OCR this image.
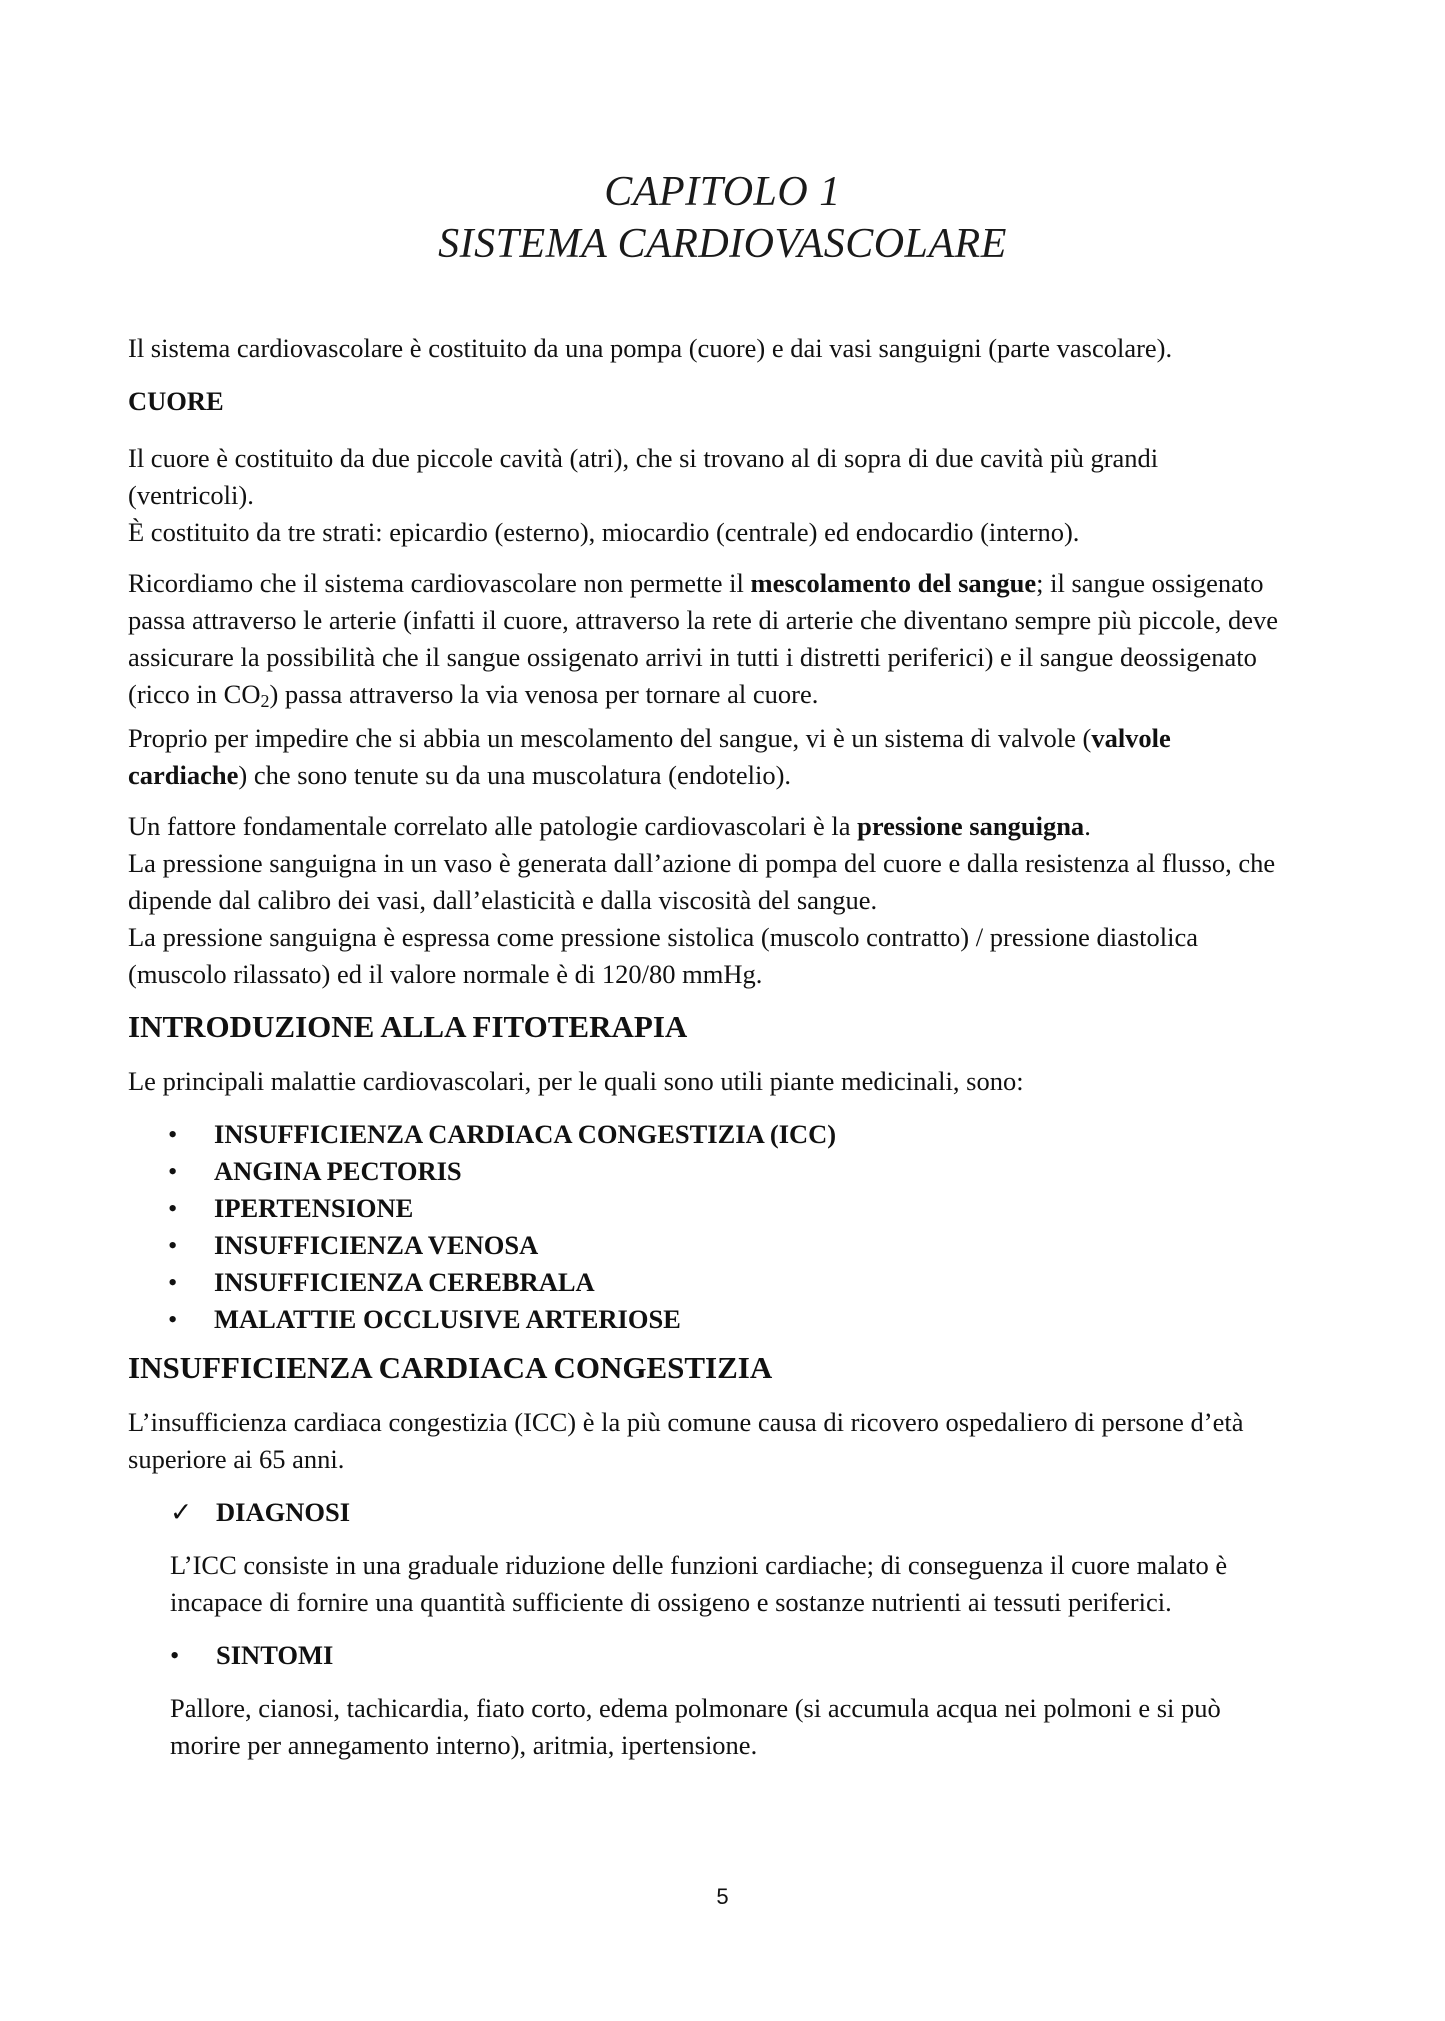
CAPITOLO 1
SISTEMA CARDIOVASCOLARE

Il sistema cardiovascolare è costituito da una pompa (cuore) e dai vasi sanguigni (parte vascolare).

CUORE

Il cuore è costituito da due piccole cavità (atri), che si trovano al di sopra di due cavità più grandi (ventricoli).
È costituito da tre strati: epicardio (esterno), miocardio (centrale) ed endocardio (interno).

Ricordiamo che il sistema cardiovascolare non permette il mescolamento del sangue; il sangue ossigenato passa attraverso le arterie (infatti il cuore, attraverso la rete di arterie che diventano sempre più piccole, deve assicurare la possibilità che il sangue ossigenato arrivi in tutti i distretti periferici) e il sangue deossigenato (ricco in $CO_2$) passa attraverso la via venosa per tornare al cuore.
Proprio per impedire che si abbia un mescolamento del sangue, vi è un sistema di valvole (valvole cardiache) che sono tenute su da una muscolatura (endotelio).

Un fattore fondamentale correlato alle patologie cardiovascolari è la pressione sanguigna.
La pressione sanguigna in un vaso è generata dall’azione di pompa del cuore e dalla resistenza al flusso, che dipende dal calibro dei vasi, dall’elasticità e dalla viscosità del sangue.
La pressione sanguigna è espressa come pressione sistolica (muscolo contratto) / pressione diastolica (muscolo rilassato) ed il valore normale è di 120/80 mmHg.

INTRODUZIONE ALLA FITOTERAPIA

Le principali malattie cardiovascolari, per le quali sono utili piante medicinali, sono:

• INSUFFICIENZA CARDIACA CONGESTIZIA (ICC)
• ANGINA PECTORIS
• IPERTENSIONE
• INSUFFICIENZA VENOSA
• INSUFFICIENZA CEREBRALA
• MALATTIE OCCLUSIVE ARTERIOSE
INSUFFICIENZA CARDIACA CONGESTIZIA

L’insufficienza cardiaca congestizia (ICC) è la più comune causa di ricovero ospedaliero di persone d’età superiore ai 65 anni.

✓ DIAGNOSI

L’ICC consiste in una graduale riduzione delle funzioni cardiache; di conseguenza il cuore malato è incapace di fornire una quantità sufficiente di ossigeno e sostanze nutrienti ai tessuti periferici.

• SINTOMI

Pallore, cianosi, tachicardia, fiato corto, edema polmonare (si accumula acqua nei polmoni e si può morire per annegamento interno), aritmia, ipertensione.

5
